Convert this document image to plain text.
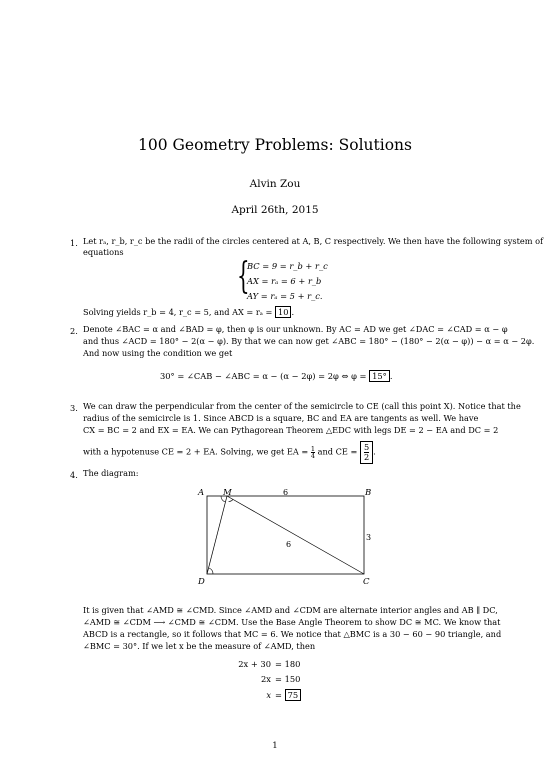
100 Geometry Problems: Solutions
Alvin Zou
April 26th, 2015
1. Let rₐ, r_b, r_c be the radii of the circles centered at A, B, C respectively. We then have the following system of
equations
{
BC = 9 = r_b + r_c
AX = rₐ = 6 + r_b
AY = rₐ = 5 + r_c.
Solving yields r_b = 4, r_c = 5, and AX = rₐ = 10 .
2. Denote ∠BAC = α and ∠BAD = φ, then φ is our unknown. By AC = AD we get ∠DAC = ∠CAD = α − φ
and thus ∠ACD = 180° − 2(α − φ). By that we can now get ∠ABC = 180° − (180° − 2(α − φ)) − α = α − 2φ.
And now using the condition we get
30° = ∠CAB − ∠ABC = α − (α − 2φ) = 2φ ⇔ φ = 15° .
3. We can draw the perpendicular from the center of the semicircle to CE (call this point X). Notice that the
radius of the semicircle is 1. Since ABCD is a square, BC and EA are tangents as well. We have
CX = BC = 2 and EX = EA. We can Pythagorean Theorem △EDC with legs DE = 2 − EA and DC = 2
with a hypotenuse CE = 2 + EA. Solving, we get EA = $\frac{1}{4}$ and CE = $\frac{5}{2}$ .
4. The diagram:
A M	B
D	C
6
3
6
It is given that ∠AMD ≅ ∠CMD. Since ∠AMD and ∠CDM are alternate interior angles and AB ∥ DC,
∠AMD ≅ ∠CDM ⟶ ∠CMD ≅ ∠CDM. Use the Base Angle Theorem to show DC ≅ MC. We know that
ABCD is a rectangle, so it follows that MC = 6. We notice that △BMC is a 30 − 60 − 90 triangle, and
∠BMC = 30°. If we let x be the measure of ∠AMD, then
2x + 30 = 180
2x = 150
x = 75
1
